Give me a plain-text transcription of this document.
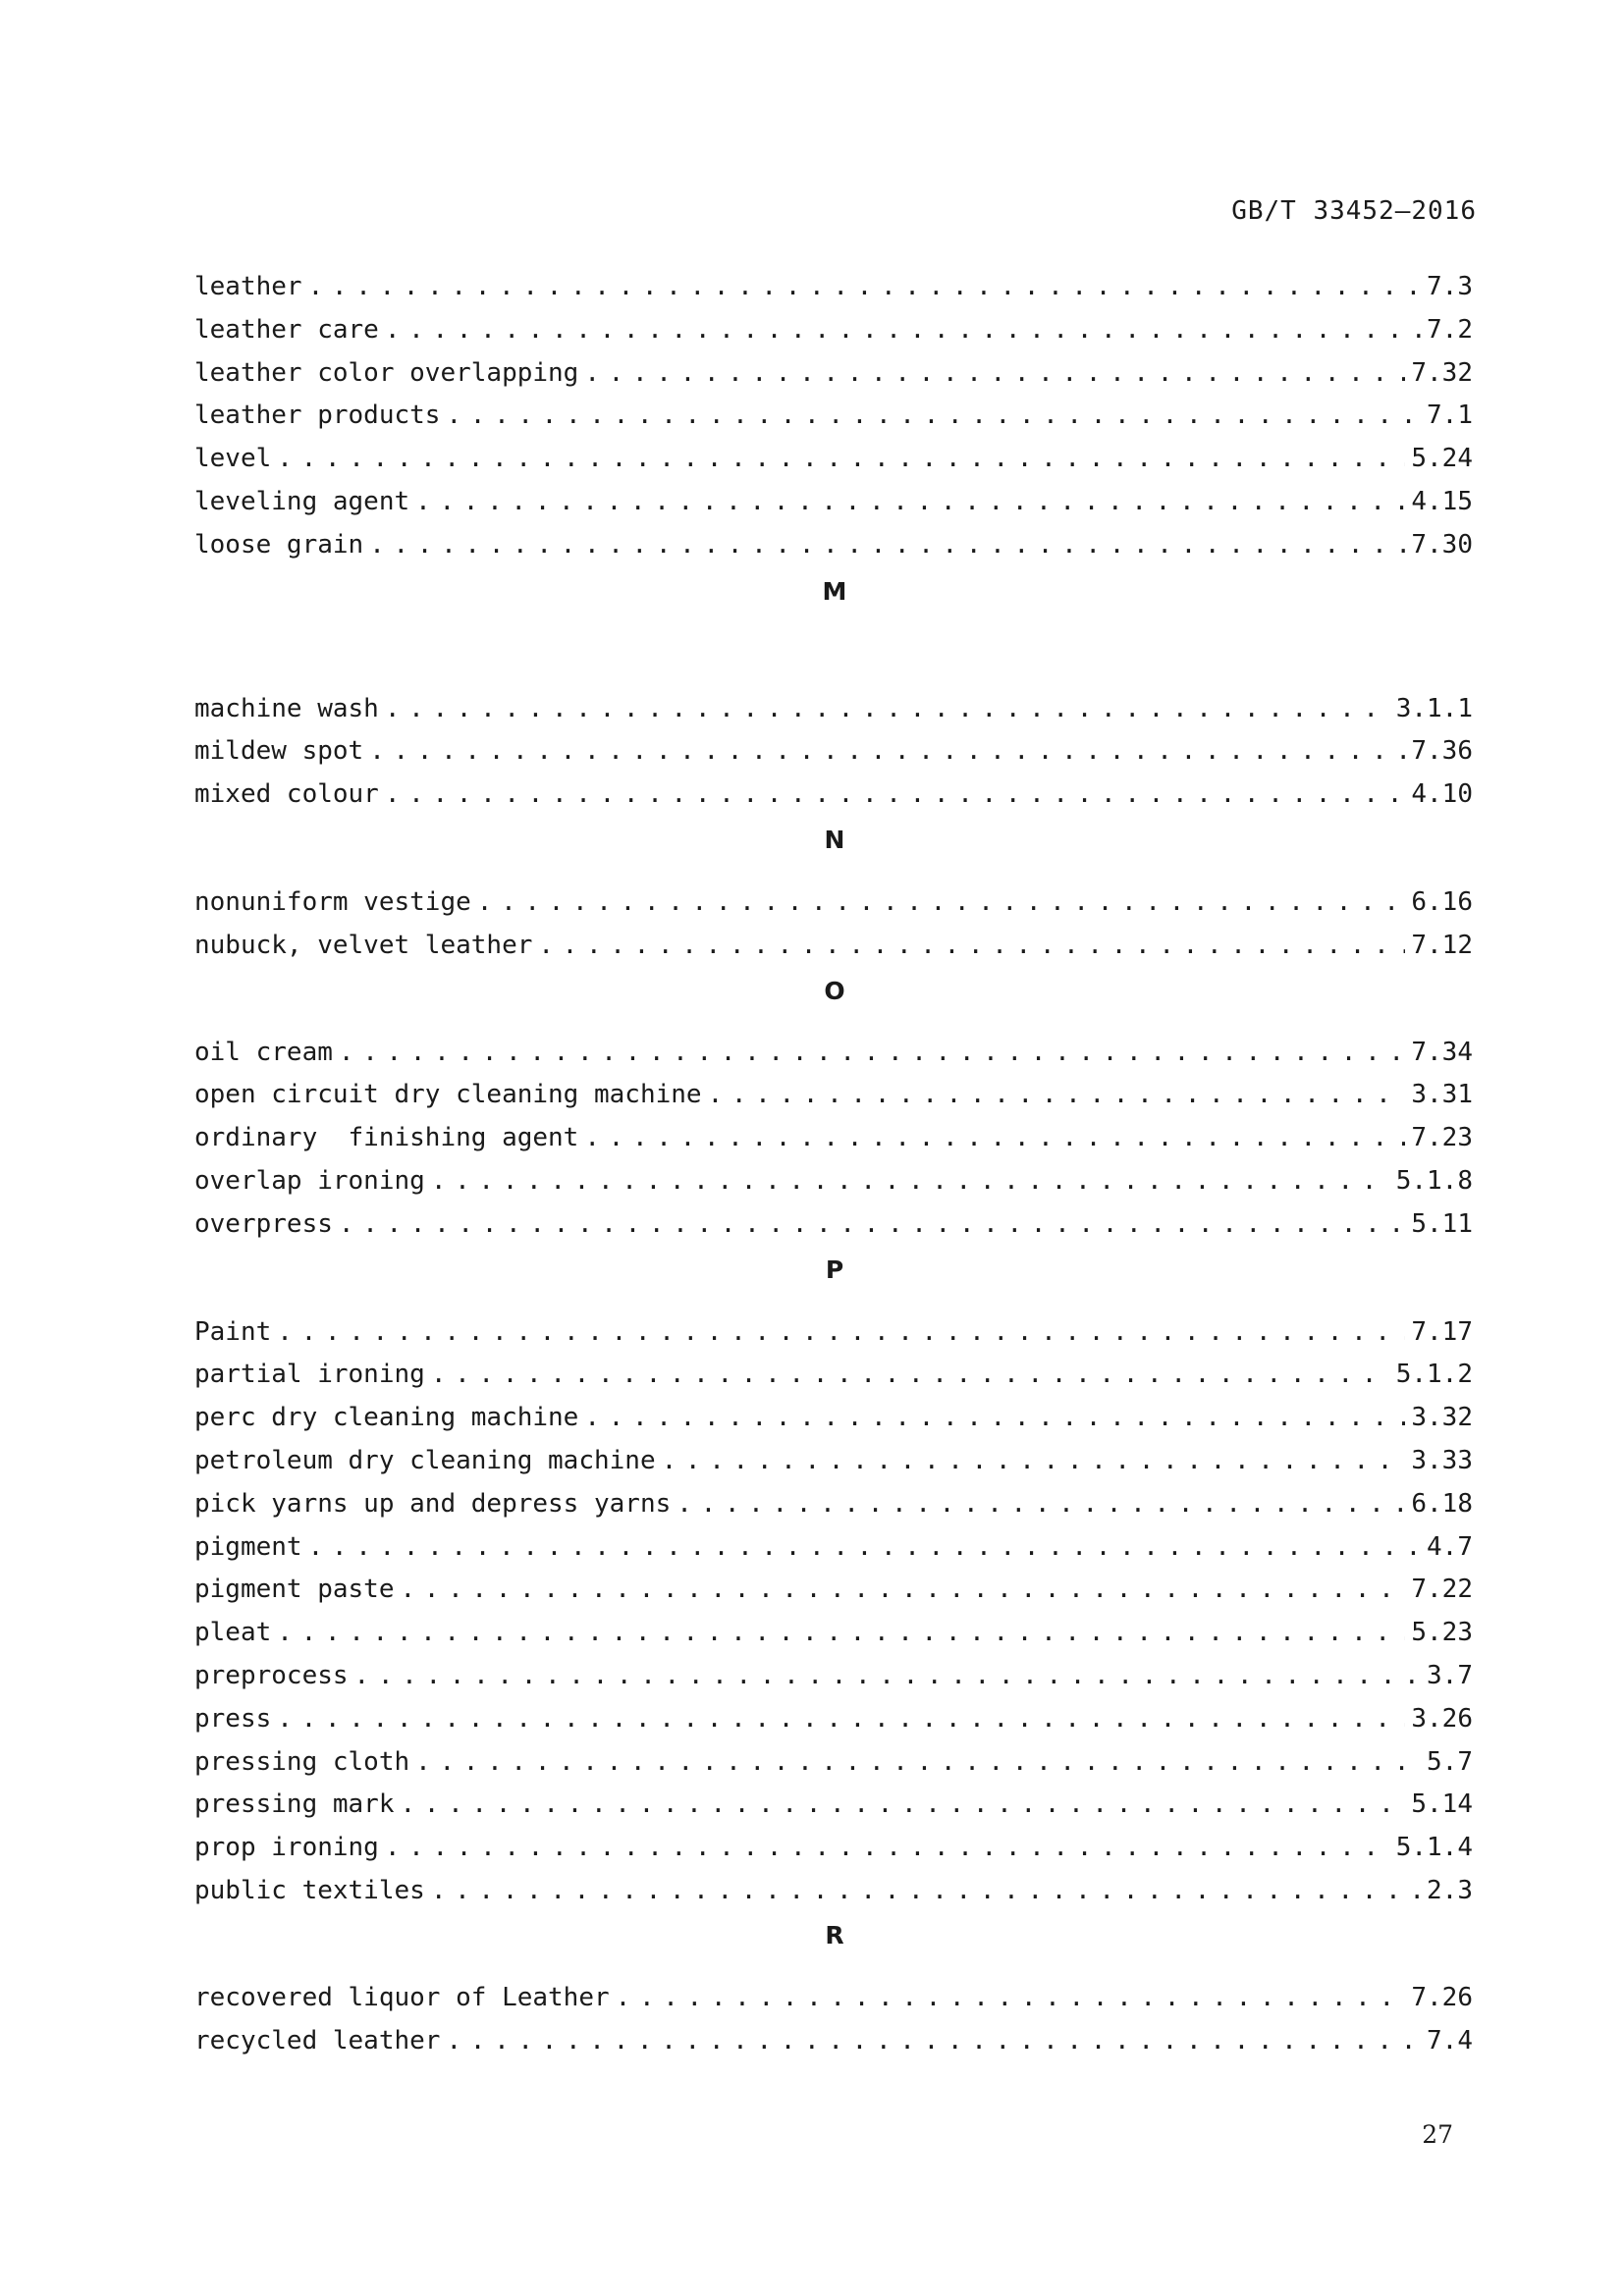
GB/T 33452—2016
leather . . .	7.3
leather care . . .	7.2
leather color overlapping . . .	7.32
leather products . . .	7.1
level . . .	5.24
leveling agent . . .	4.15
loose grain . . .	7.30
M
machine wash . . .	3.1.1
mildew spot . . .	7.36
mixed colour . . .	4.10
N
nonuniform vestige . . .	6.16
nubuck, velvet leather . . .	7.12
O
oil cream . . .	7.34
open circuit dry cleaning machine . . .	3.31
ordinary  finishing agent . . .	7.23
overlap ironing . . .	5.1.8
overpress . . .	5.11
P
Paint . . .	7.17
partial ironing . . .	5.1.2
perc dry cleaning machine . . .	3.32
petroleum dry cleaning machine . . .	3.33
pick yarns up and depress yarns . . .	6.18
pigment . . .	4.7
pigment paste . . .	7.22
pleat . . .	5.23
preprocess . . .	3.7
press . . .	3.26
pressing cloth . . .	5.7
pressing mark . . .	5.14
prop ironing . . .	5.1.4
public textiles . . .	2.3
R
recovered liquor of Leather . . .	7.26
recycled leather . . .	7.4
27
